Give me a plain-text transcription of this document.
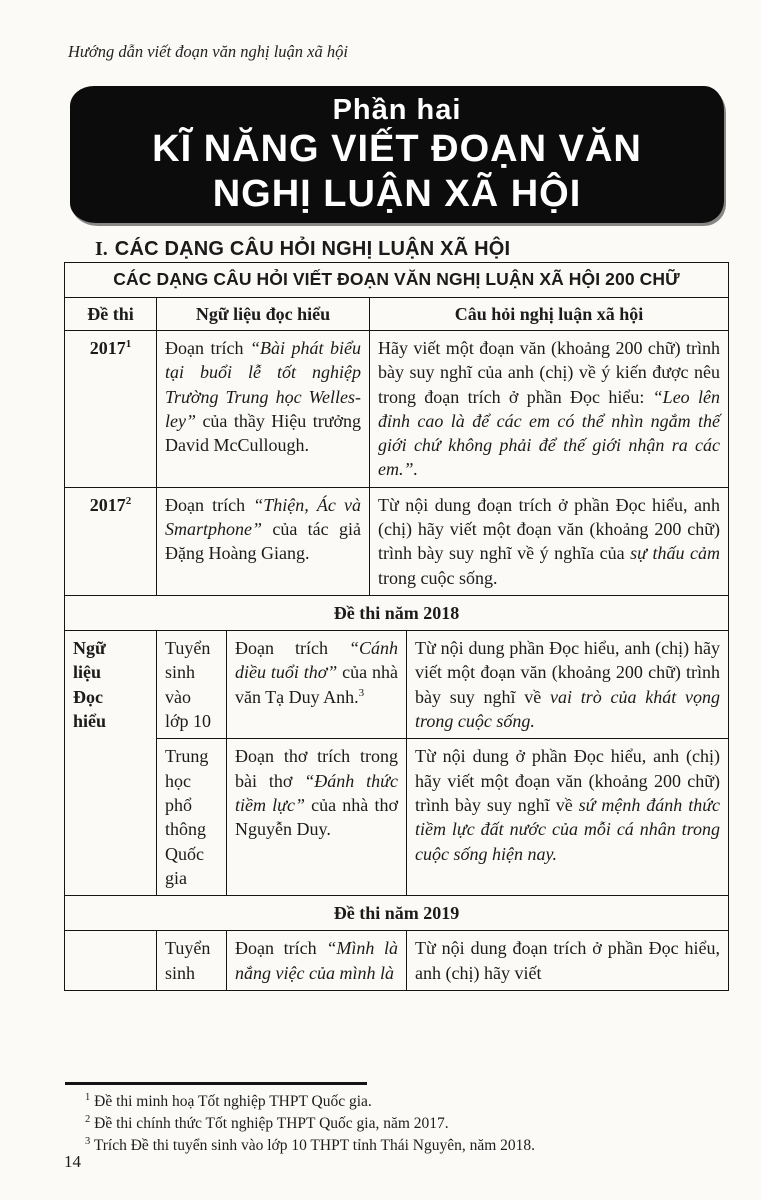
Hướng dẫn viết đoạn văn nghị luận xã hội
Phần hai
KĨ NĂNG VIẾT ĐOẠN VĂN
NGHỊ LUẬN XÃ HỘI
I. CÁC DẠNG CÂU HỎI NGHỊ LUẬN XÃ HỘI
CÁC DẠNG CÂU HỎI VIẾT ĐOẠN VĂN NGHỊ LUẬN XÃ HỘI 200 CHỮ				
Đề thi	Ngữ liệu đọc hiểu		Câu hỏi nghị luận xã hội	
2017$^1$	Đoạn trích “Bài phát biểu tại buổi lễ tốt nghiệp Trường Trung học Welles-ley” của thầy Hiệu trưởng David McCullough.		Hãy viết một đoạn văn (khoảng 200 chữ) trình bày suy nghĩ của anh (chị) về ý kiến được nêu trong đoạn trích ở phần Đọc hiểu: “Leo lên đỉnh cao là để các em có thể nhìn ngắm thế giới chứ không phải để thế giới nhận ra các em.”.	
2017$^2$	Đoạn trích “Thiện, Ác và Smartphone” của tác giả Đặng Hoàng Giang.		Từ nội dung đoạn trích ở phần Đọc hiểu, anh (chị) hãy viết một đoạn văn (khoảng 200 chữ) trình bày suy nghĩ về ý nghĩa của sự thấu cảm trong cuộc sống.	
Đề thi năm 2018				
Ngữ liệu Đọc hiểu	Tuyển sinh vào lớp 10	Đoạn trích “Cánh diều tuổi thơ” của nhà văn Tạ Duy Anh.$^3$		Từ nội dung phần Đọc hiểu, anh (chị) hãy viết một đoạn văn (khoảng 200 chữ) trình bày suy nghĩ về vai trò của khát vọng trong cuộc sống.
	Trung học phổ thông Quốc gia	Đoạn thơ trích trong bài thơ “Đánh thức tiềm lực” của nhà thơ Nguyễn Duy.		Từ nội dung ở phần Đọc hiểu, anh (chị) hãy viết một đoạn văn (khoảng 200 chữ) trình bày suy nghĩ về sứ mệnh đánh thức tiềm lực đất nước của mỗi cá nhân trong cuộc sống hiện nay.
Đề thi năm 2019				
	Tuyển sinh	Đoạn trích “Mình là nắng việc của mình là		Từ nội dung đoạn trích ở phần Đọc hiểu, anh (chị) hãy viết
$^1$ Đề thi minh hoạ Tốt nghiệp THPT Quốc gia.
$^2$ Đề thi chính thức Tốt nghiệp THPT Quốc gia, năm 2017.
$^3$ Trích Đề thi tuyển sinh vào lớp 10 THPT tỉnh Thái Nguyên, năm 2018.
14
